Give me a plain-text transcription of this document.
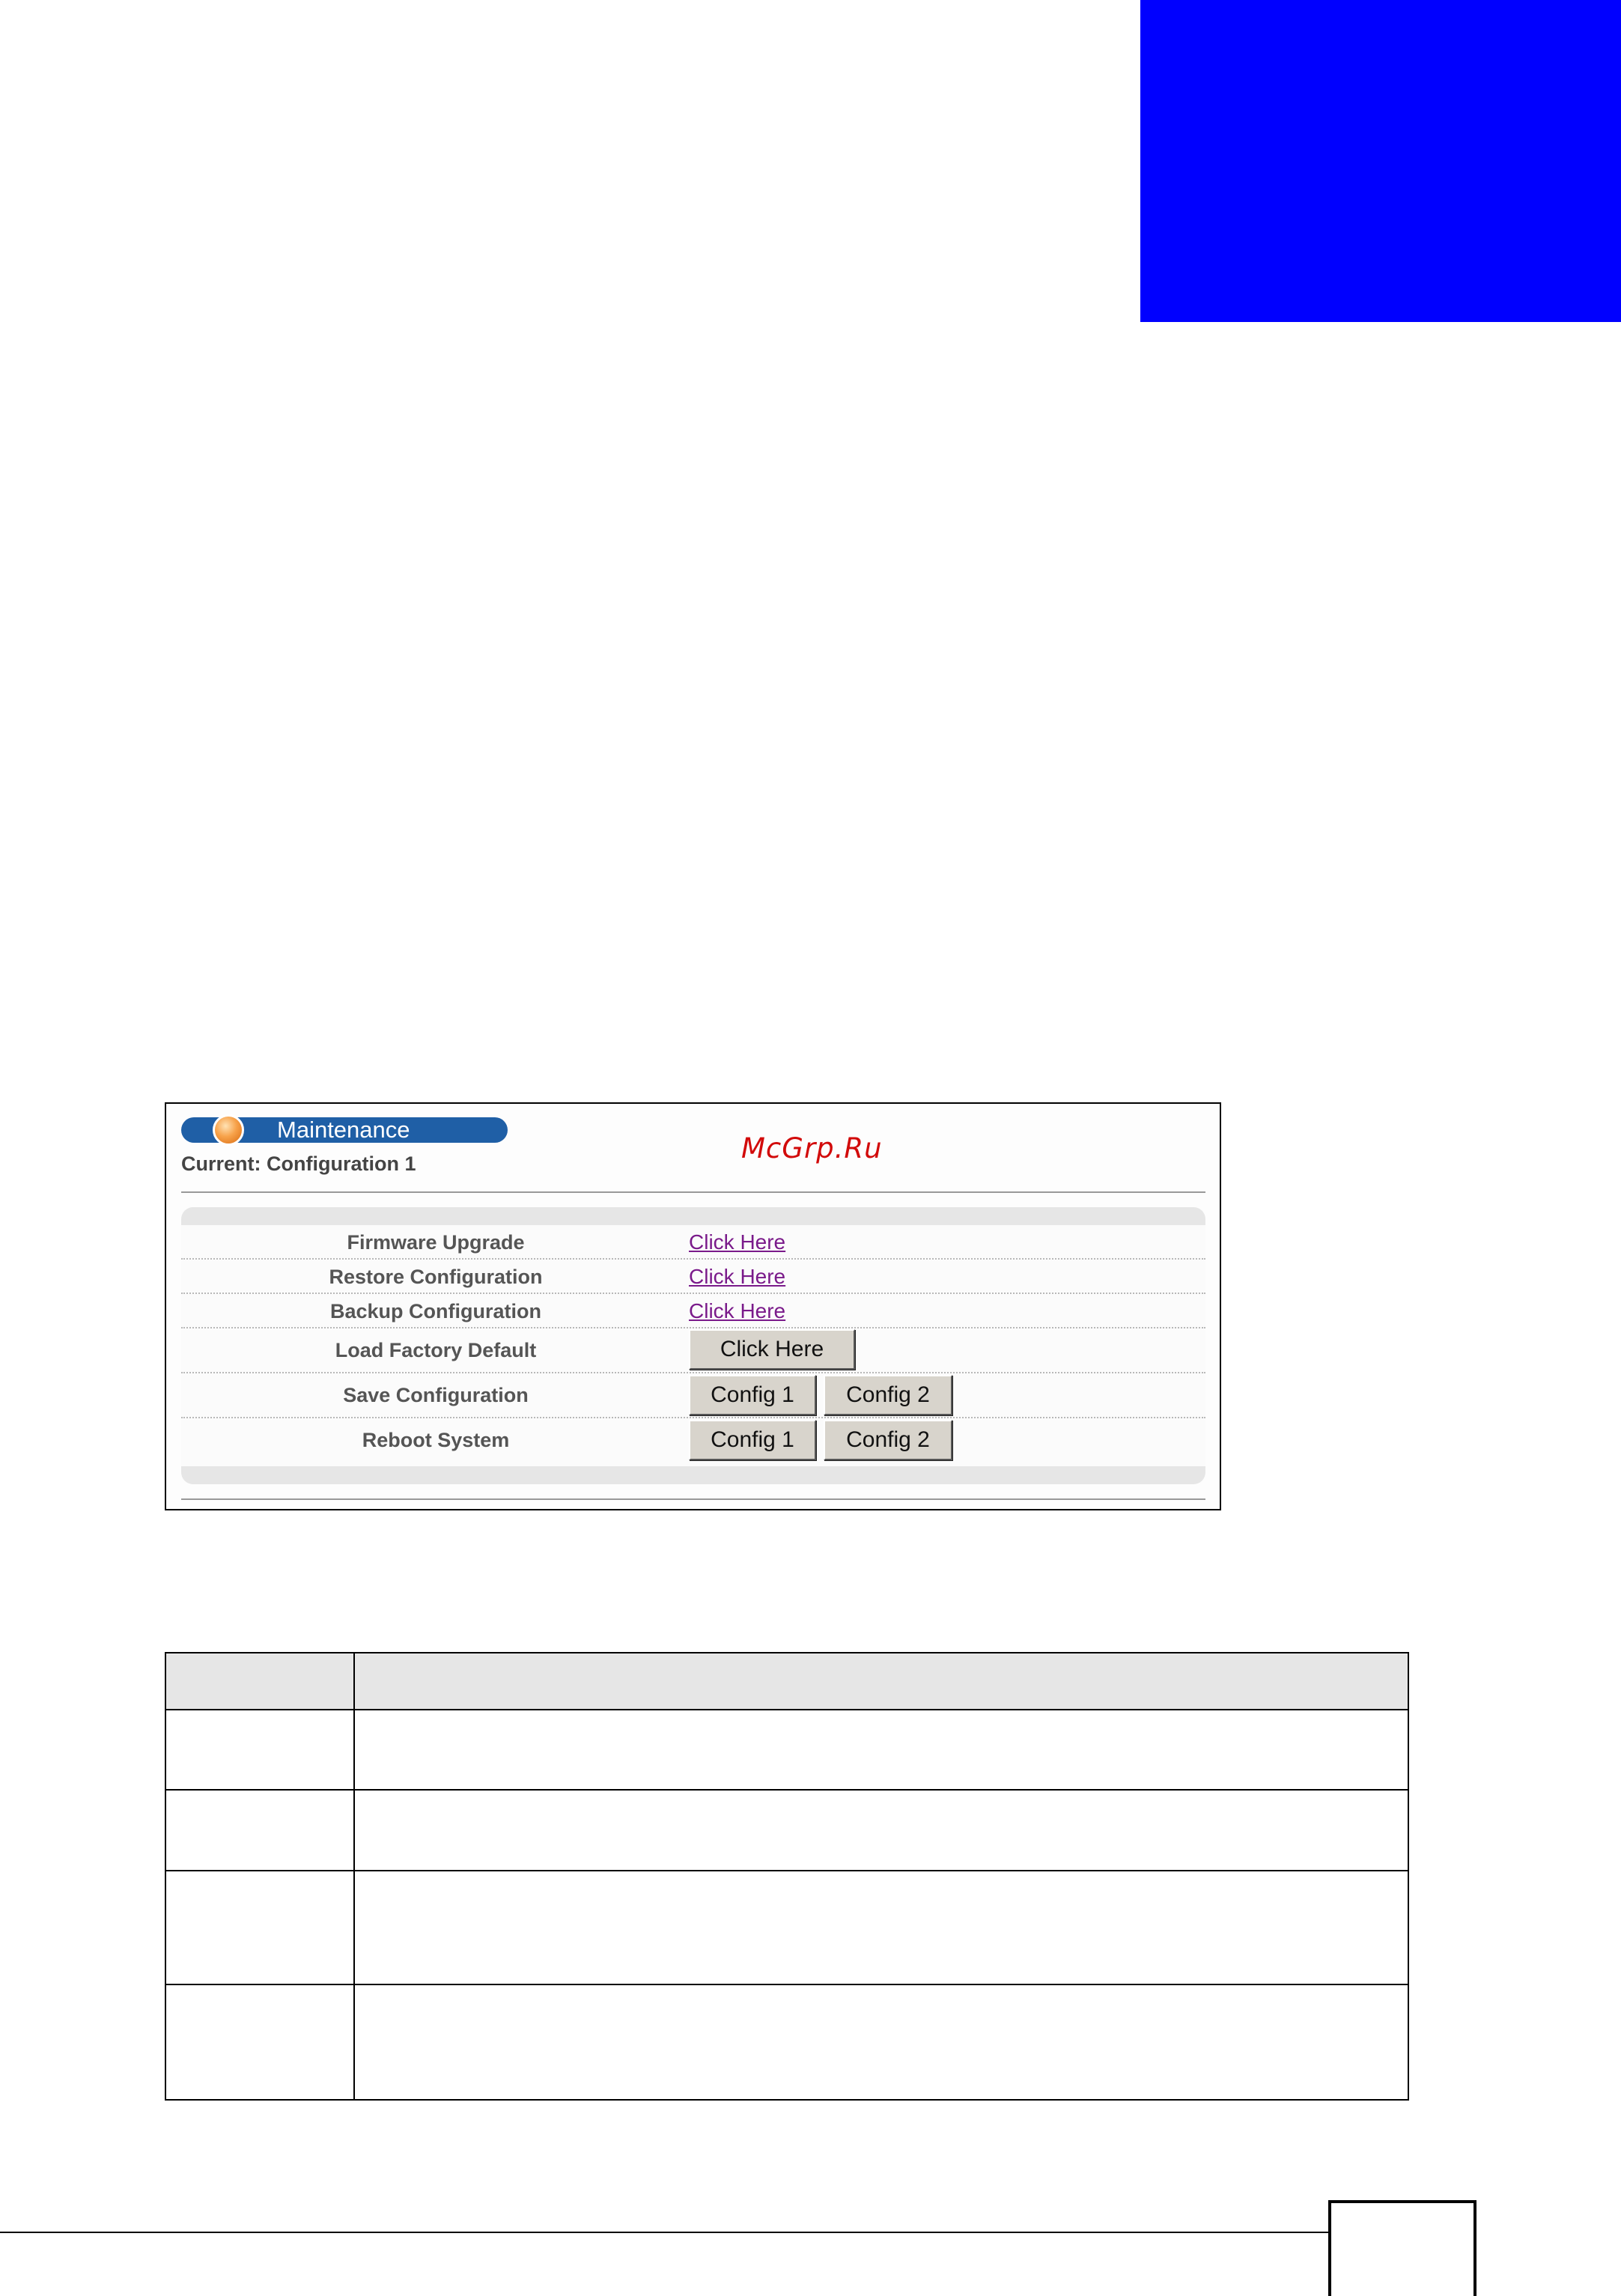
Maintenance
Current: Configuration 1	McGrp.Ru
Firmware Upgrade	Click Here
Restore Configuration	Click Here
Backup Configuration	Click Here
Load Factory Default	Click Here
Save Configuration	Config 1	Config 2
Reboot System	Config 1	Config 2
